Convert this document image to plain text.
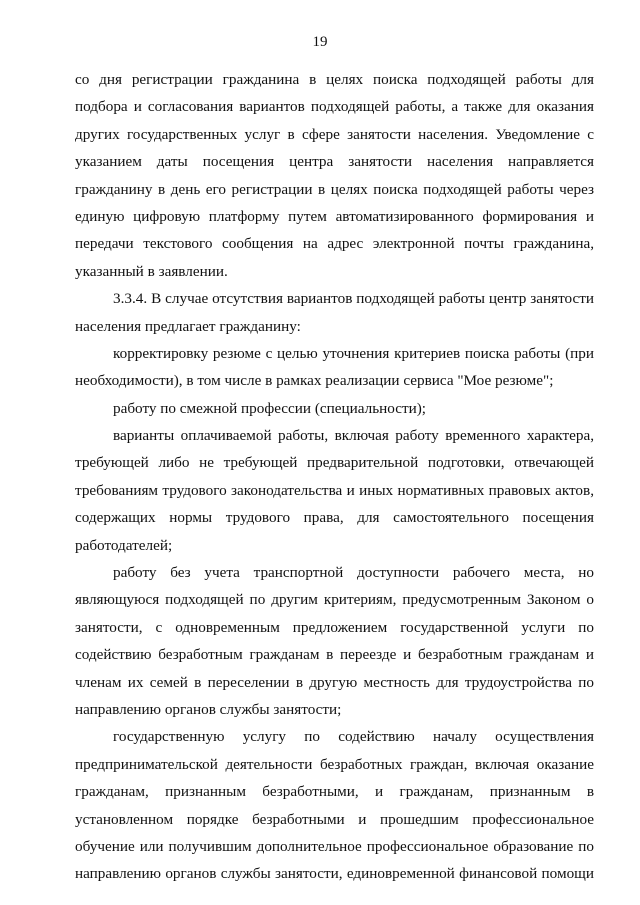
19
со дня регистрации гражданина в целях поиска подходящей работы для
подбора и согласования вариантов подходящей работы, а также для оказания
других государственных услуг в сфере занятости населения. Уведомление с
указанием даты посещения центра занятости населения направляется
гражданину в день его регистрации в целях поиска подходящей работы через
единую цифровую платформу путем автоматизированного формирования и
передачи текстового сообщения на адрес электронной почты гражданина,
указанный в заявлении.
3.3.4. В случае отсутствия вариантов подходящей работы центр занятости
населения предлагает гражданину:
корректировку резюме с целью уточнения критериев поиска работы (при
необходимости), в том числе в рамках реализации сервиса "Мое резюме";
работу по смежной профессии (специальности);
варианты оплачиваемой работы, включая работу временного характера,
требующей либо не требующей предварительной подготовки, отвечающей
требованиям трудового законодательства и иных нормативных правовых актов,
содержащих нормы трудового права, для самостоятельного посещения
работодателей;
работу без учета транспортной доступности рабочего места, но
являющуюся подходящей по другим критериям, предусмотренным Законом о
занятости, с одновременным предложением государственной услуги по
содействию безработным гражданам в переезде и безработным гражданам и
членам их семей в переселении в другую местность для трудоустройства по
направлению органов службы занятости;
государственную услугу по содействию началу осуществления
предпринимательской деятельности безработных граждан, включая оказание
гражданам, признанным безработными, и гражданам, признанным в
установленном порядке безработными и прошедшим профессиональное
обучение или получившим дополнительное профессиональное образование по
направлению органов службы занятости, единовременной финансовой помощи
